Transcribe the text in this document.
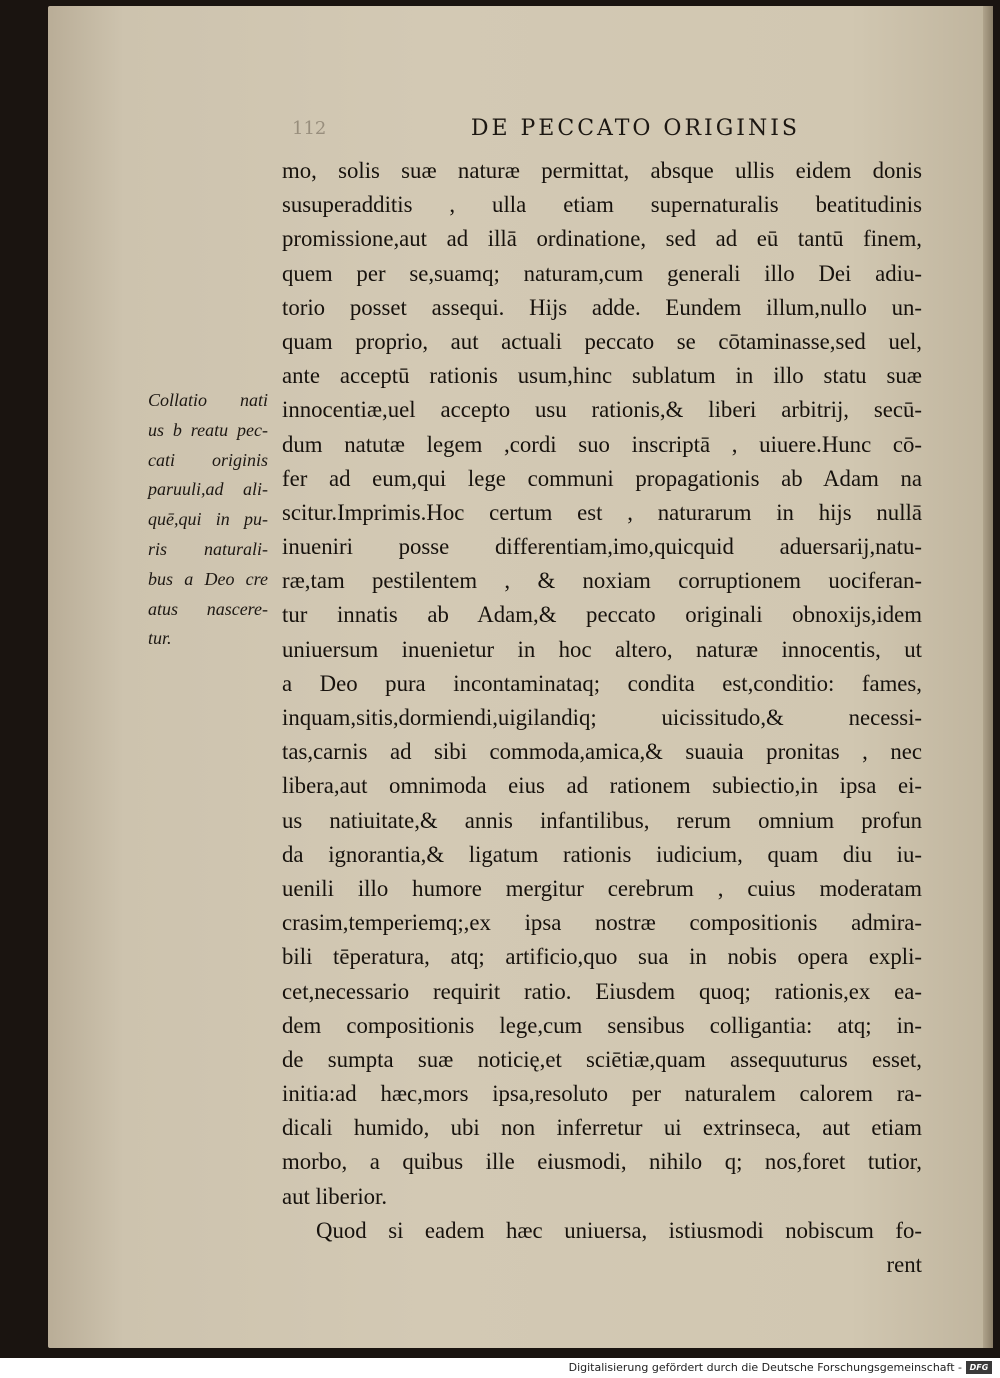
112	DE PECCATO ORIGINIS
mo, solis suæ naturæ permittat, absque ullis eidem donis
susuperadditis , ulla etiam supernaturalis beatitudinis
promissione,aut ad illā ordinatione, sed ad eū tantū finem,
quem per se,suamq; naturam,cum generali illo Dei adiu-
torio posset assequi. Hijs adde. Eundem illum,nullo un-
quam proprio, aut actuali peccato se cōtaminasse,sed uel,
ante acceptū rationis usum,hinc sublatum in illo statu suæ
innocentiæ,uel accepto usu rationis,& liberi arbitrij, secū-
dum natutæ legem ,cordi suo inscriptā , uiuere.Hunc cō-
fer ad eum,qui lege communi propagationis ab Adam na
scitur.Imprimis.Hoc certum est , naturarum in hijs nullā
inueniri posse differentiam,imo,quicquid aduersarij,natu-
ræ,tam pestilentem , & noxiam corruptionem uociferan-
tur innatis ab Adam,& peccato originali obnoxijs,idem
uniuersum inuenietur in hoc altero, naturæ innocentis, ut
a Deo pura incontaminataq; condita est,conditio: fames,
inquam,sitis,dormiendi,uigilandiq; uicissitudo,& necessi-
tas,carnis ad sibi commoda,amica,& suauia pronitas , nec
libera,aut omnimoda eius ad rationem subiectio,in ipsa ei-
us natiuitate,& annis infantilibus, rerum omnium profun
da ignorantia,& ligatum rationis iudicium, quam diu iu-
uenili illo humore mergitur cerebrum , cuius moderatam
crasim,temperiemq;,ex ipsa nostræ compositionis admira-
bili tēperatura, atq; artificio,quo sua in nobis opera expli-
cet,necessario requirit ratio. Eiusdem quoq; rationis,ex ea-
dem compositionis lege,cum sensibus colligantia: atq; in-
de sumpta suæ noticię,et sciētiæ,quam assequuturus esset,
initia:ad hæc,mors ipsa,resoluto per naturalem calorem ra-
dicali humido, ubi non inferretur ui extrinseca, aut etiam
morbo, a quibus ille eiusmodi, nihilo q; nos,foret tutior,
aut liberior.
Quod si eadem hæc uniuersa, istiusmodi nobiscum fo-
rent
Collatio nati
us b reatu pec-
cati originis
paruuli,ad ali-
quē,qui in pu-
ris naturali-
bus a Deo cre
atus nascere-
tur.
Digitalisierung gefördert durch die Deutsche Forschungsgemeinschaft - DFG
